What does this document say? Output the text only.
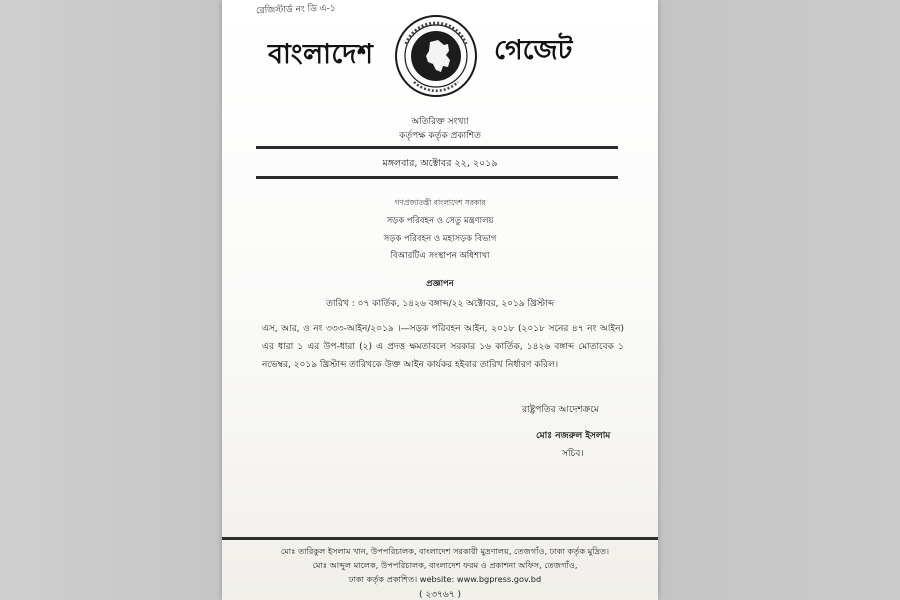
রেজিস্টার্ড নং ডি এ-১
বাংলাদেশ	গেজেট
অতিরিক্ত সংখ্যা
কর্তৃপক্ষ কর্তৃক প্রকাশিত
মঙ্গলবার, অক্টোবর ২২, ২০১৯
গণপ্রজাতন্ত্রী বাংলাদেশ সরকার
সড়ক পরিবহন ও সেতু মন্ত্রণালয়
সড়ক পরিবহন ও মহাসড়ক বিভাগ
বিআরটিএ সংস্থাপন অধিশাখা
প্রজ্ঞাপন
তারিখ : ০৭ কার্তিক, ১৪২৬ বঙ্গাব্দ/২২ অক্টোবর, ২০১৯ খ্রিস্টাব্দ
এস, আর, ও নং ৩৩৩-আইন/২০১৯ ।—সড়ক পরিবহন আইন, ২০১৮ (২০১৮ সনের ৪৭ নং আইন) এর ধারা ১ এর উপ-ধারা (২) এ প্রদত্ত ক্ষমতাবলে সরকার ১৬ কার্তিক, ১৪২৬ বঙ্গাব্দ মোতাবেক ১ নভেম্বর, ২০১৯ খ্রিস্টাব্দ তারিখকে উক্ত আইন কার্যকর হইবার তারিখ নির্ধারণ করিল।
রাষ্ট্রপতির আদেশক্রমে
মোঃ নজরুল ইসলাম
সচিব।
মোঃ তারিকুল ইসলাম খান, উপপরিচালক, বাংলাদেশ সরকারী মুদ্রণালয়, তেজগাঁও, ঢাকা কর্তৃক মুদ্রিত।
মোঃ আব্দুল মালেক, উপপরিচালক, বাংলাদেশ ফরম ও প্রকাশনা অফিস, তেজগাঁও,
ঢাকা কর্তৃক প্রকাশিত। website: www.bgpress.gov.bd
( ২৩৭৬৭ )
